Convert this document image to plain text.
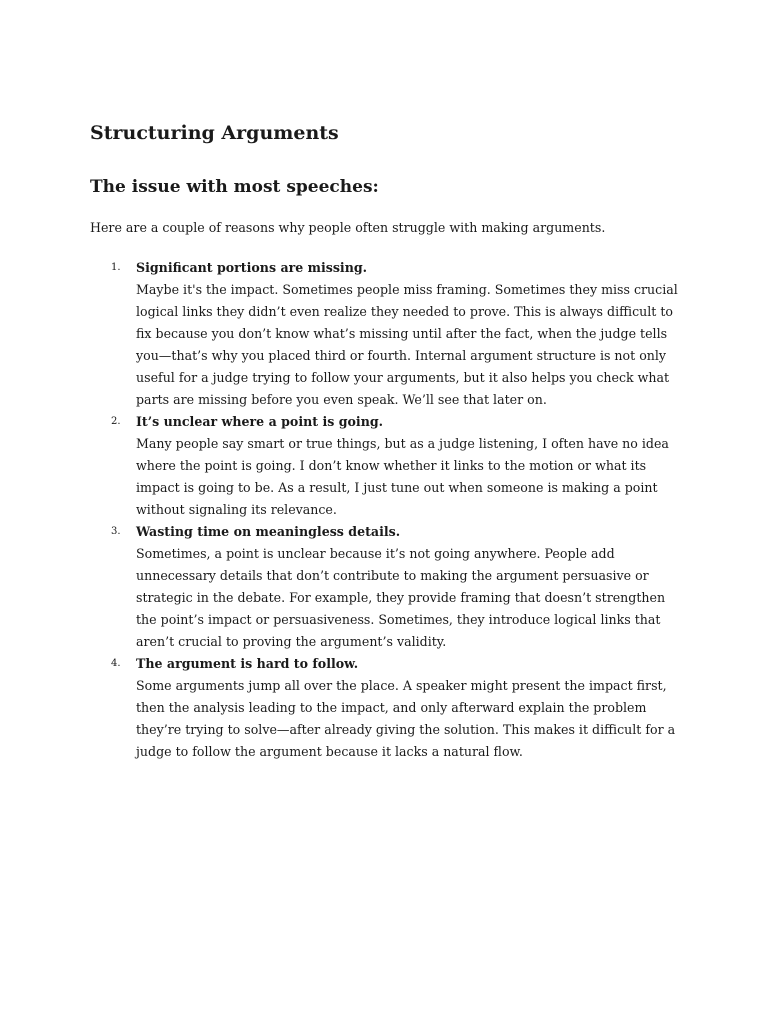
Structuring Arguments
The issue with most speeches:

Here are a couple of reasons why people often struggle with making arguments.

1. Significant portions are missing.
Maybe it's the impact. Sometimes people miss framing. Sometimes they miss crucial logical links they didn’t even realize they needed to prove. This is always difficult to fix because you don’t know what’s missing until after the fact, when the judge tells you—that’s why you placed third or fourth. Internal argument structure is not only useful for a judge trying to follow your arguments, but it also helps you check what parts are missing before you even speak. We’ll see that later on.
2. It’s unclear where a point is going.
Many people say smart or true things, but as a judge listening, I often have no idea where the point is going. I don’t know whether it links to the motion or what its impact is going to be. As a result, I just tune out when someone is making a point without signaling its relevance.
3. Wasting time on meaningless details.
Sometimes, a point is unclear because it’s not going anywhere. People add unnecessary details that don’t contribute to making the argument persuasive or strategic in the debate. For example, they provide framing that doesn’t strengthen the point’s impact or persuasiveness. Sometimes, they introduce logical links that aren’t crucial to proving the argument’s validity.
4. The argument is hard to follow.
Some arguments jump all over the place. A speaker might present the impact first, then the analysis leading to the impact, and only afterward explain the problem they’re trying to solve—after already giving the solution. This makes it difficult for a judge to follow the argument because it lacks a natural flow.
